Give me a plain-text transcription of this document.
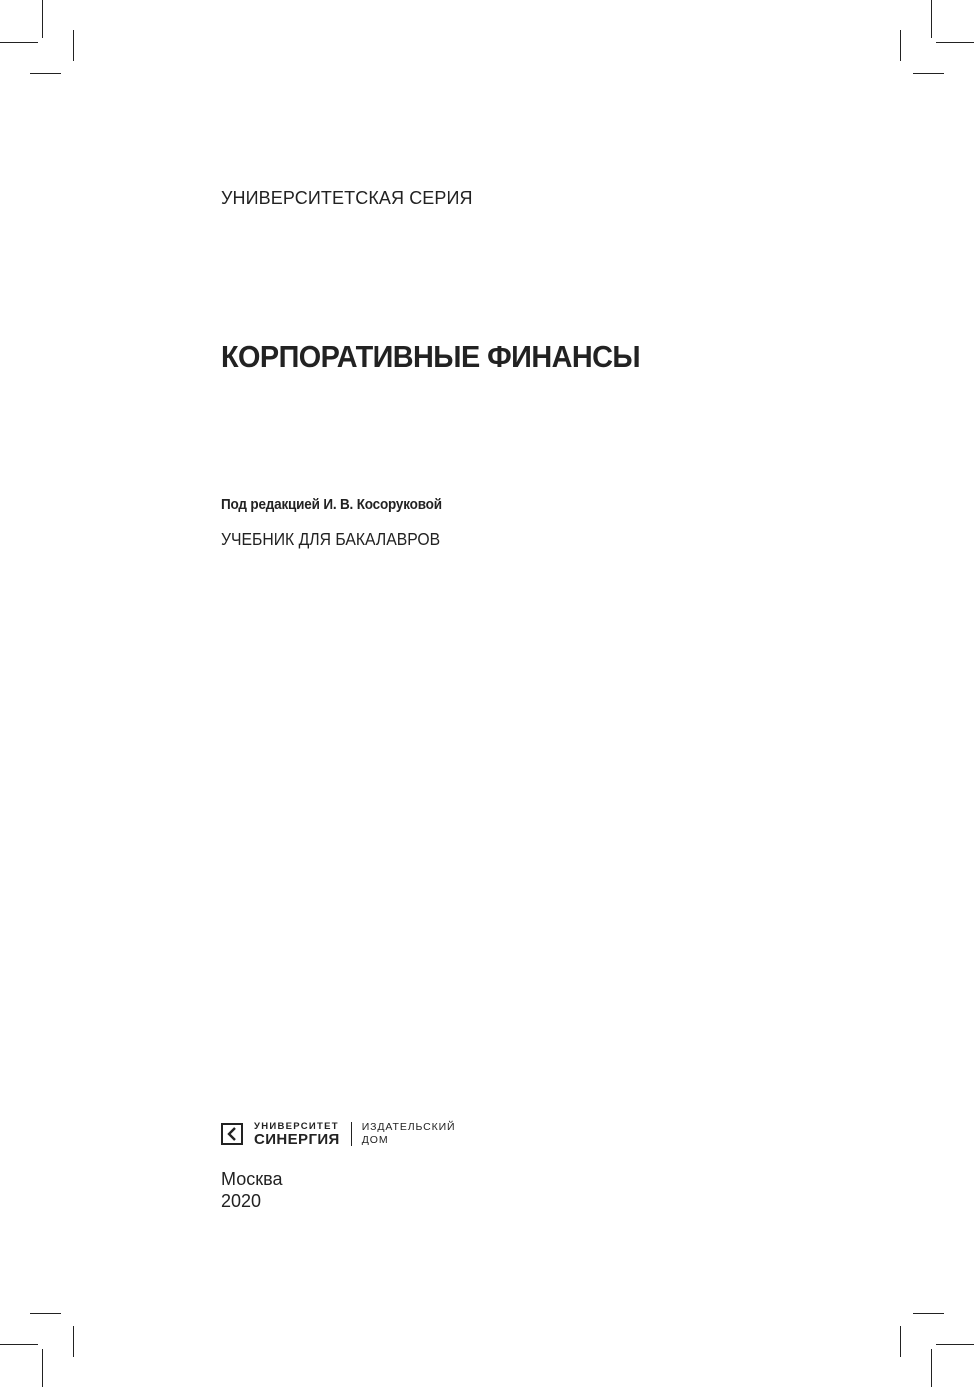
УНИВЕРСИТЕТСКАЯ СЕРИЯ
КОРПОРАТИВНЫЕ ФИНАНСЫ
Под редакцией И. В. Косоруковой
УЧЕБНИК ДЛЯ БАКАЛАВРОВ
УНИВЕРСИТЕТ
СИНЕРГИЯ
ИЗДАТЕЛЬСКИЙ
ДОМ
Москва
2020
